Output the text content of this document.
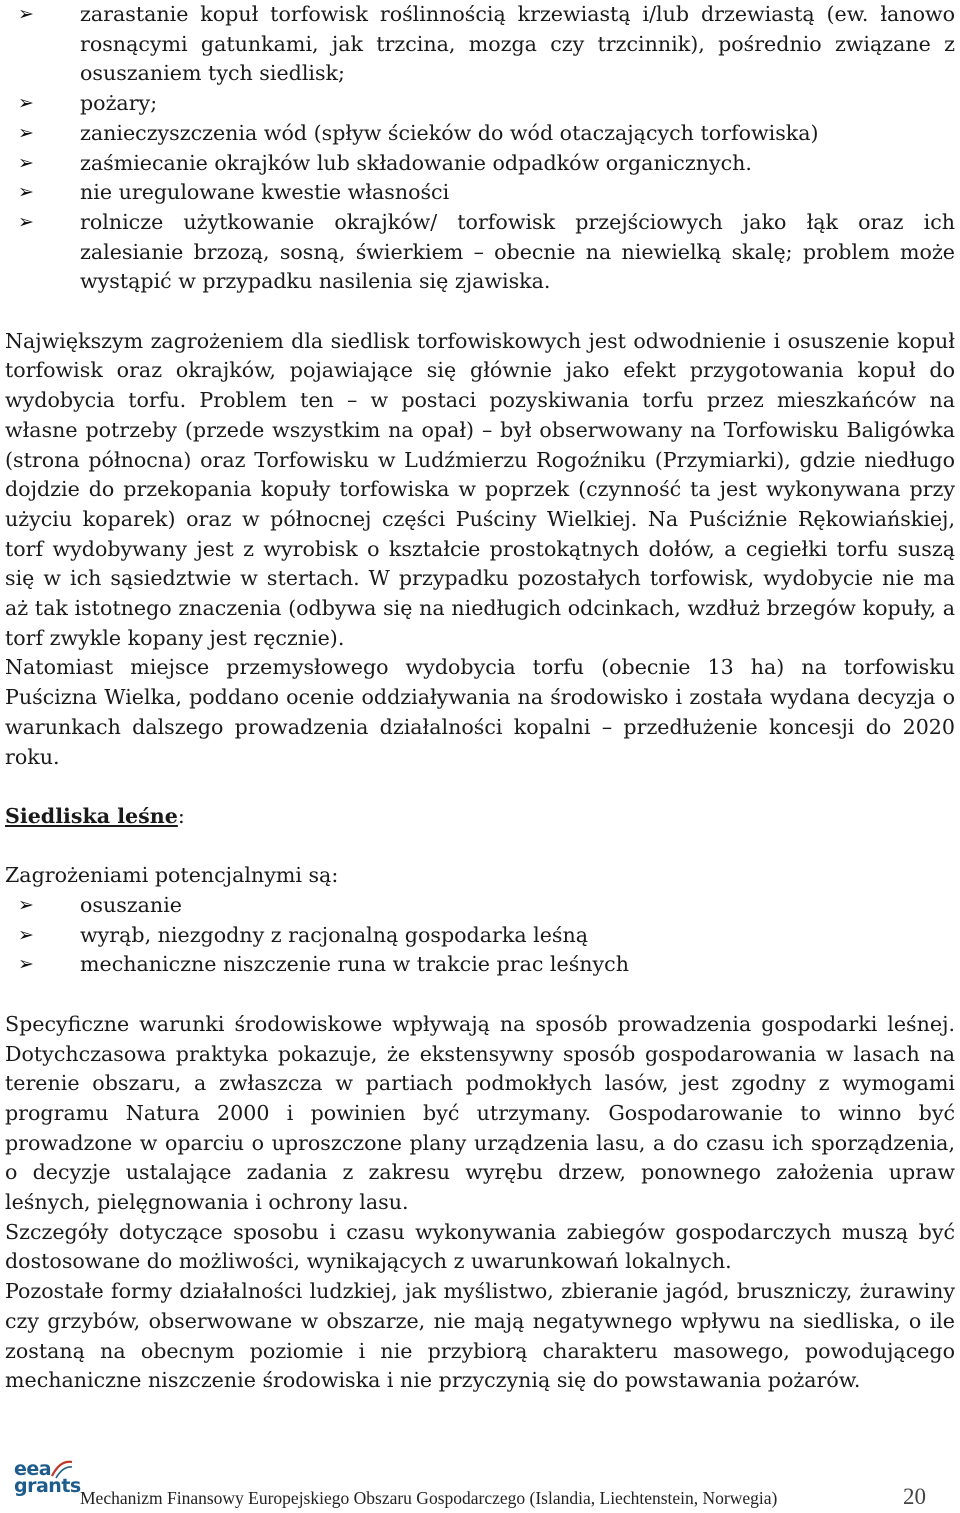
➢	zarastanie kopuł torfowisk roślinnością krzewiastą i/lub drzewiastą (ew. łanowo rosnącymi gatunkami, jak trzcina, mozga czy trzcinnik), pośrednio związane z osuszaniem tych siedlisk;
➢	pożary;
➢	zanieczyszczenia wód (spływ ścieków do wód otaczających torfowiska)
➢	zaśmiecanie okrajków lub składowanie odpadków organicznych.
➢	nie uregulowane kwestie własności
➢	rolnicze użytkowanie okrajków/ torfowisk przejściowych jako łąk oraz ich zalesianie brzozą, sosną, świerkiem – obecnie na niewielką skalę; problem może wystąpić w przypadku nasilenia się zjawiska.

Największym zagrożeniem dla siedlisk torfowiskowych jest odwodnienie i osuszenie kopuł torfowisk oraz okrajków, pojawiające się głównie jako efekt przygotowania kopuł do wydobycia torfu. Problem ten – w postaci pozyskiwania torfu przez mieszkańców na własne potrzeby (przede wszystkim na opał) – był obserwowany na Torfowisku Baligówka (strona północna) oraz Torfowisku w Ludźmierzu Rogoźniku (Przymiarki), gdzie niedługo dojdzie do przekopania kopuły torfowiska w poprzek (czynność ta jest wykonywana przy użyciu koparek) oraz w północnej części Puściny Wielkiej. Na Puściźnie Rękowiańskiej, torf wydobywany jest z wyrobisk o kształcie prostokątnych dołów, a cegiełki torfu suszą się w ich sąsiedztwie w stertach. W przypadku pozostałych torfowisk, wydobycie nie ma aż tak istotnego znaczenia (odbywa się na niedługich odcinkach, wzdłuż brzegów kopuły, a torf zwykle kopany jest ręcznie).

Natomiast miejsce przemysłowego wydobycia torfu (obecnie 13 ha) na torfowisku Puścizna Wielka, poddano ocenie oddziaływania na środowisko i została wydana decyzja o warunkach dalszego prowadzenia działalności kopalni – przedłużenie koncesji do 2020 roku.

Siedliska leśne:

Zagrożeniami potencjalnymi są:

➢	osuszanie
➢	wyrąb, niezgodny z racjonalną gospodarka leśną
➢	mechaniczne niszczenie runa w trakcie prac leśnych

Specyficzne warunki środowiskowe wpływają na sposób prowadzenia gospodarki leśnej. Dotychczasowa praktyka pokazuje, że ekstensywny sposób gospodarowania w lasach na terenie obszaru, a zwłaszcza w partiach podmokłych lasów, jest zgodny z wymogami programu Natura 2000 i powinien być utrzymany. Gospodarowanie to winno być prowadzone w oparciu o uproszczone plany urządzenia lasu, a do czasu ich sporządzenia, o decyzje ustalające zadania z zakresu wyrębu drzew, ponownego założenia upraw leśnych, pielęgnowania i ochrony lasu.

Szczegóły dotyczące sposobu i czasu wykonywania zabiegów gospodarczych muszą być dostosowane do możliwości, wynikających z uwarunkowań lokalnych.

Pozostałe formy działalności ludzkiej, jak myślistwo, zbieranie jagód, bruszniczy, żurawiny czy grzybów, obserwowane w obszarze, nie mają negatywnego wpływu na siedliska, o ile zostaną na obecnym poziomie i nie przybiorą charakteru masowego, powodującego mechaniczne niszczenie środowiska i nie przyczynią się do powstawania pożarów.

eea
grants
Mechanizm Finansowy Europejskiego Obszaru Gospodarczego (Islandia, Liechtenstein, Norwegia)	20
